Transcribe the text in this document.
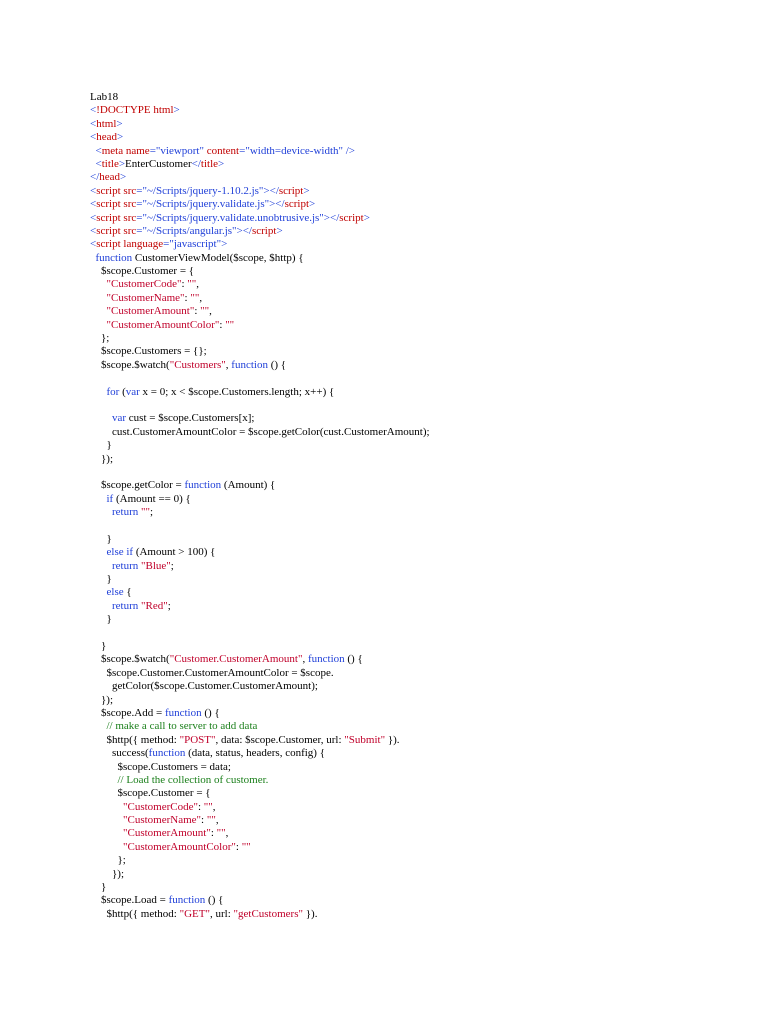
Lab18
<!DOCTYPE html>
<html>
<head>
<meta name="viewport" content="width=device-width" />
<title>EnterCustomer</title>
</head>
<script src="~/Scripts/jquery-1.10.2.js"></script>
<script src="~/Scripts/jquery.validate.js"></script>
<script src="~/Scripts/jquery.validate.unobtrusive.js"></script>
<script src="~/Scripts/angular.js"></script>
<script language="javascript">
function CustomerViewModel($scope, $http) {
$scope.Customer = {
"CustomerCode": "",
"CustomerName": "",
"CustomerAmount": "",
"CustomerAmountColor": ""
};
$scope.Customers = {};
$scope.$watch("Customers", function () {
for (var x = 0; x < $scope.Customers.length; x++) {
var cust = $scope.Customers[x];
cust.CustomerAmountColor = $scope.getColor(cust.CustomerAmount);
}
});
$scope.getColor = function (Amount) {
if (Amount == 0) {
return "";
}
else if (Amount > 100) {
return "Blue";
}
else {
return "Red";
}
}
$scope.$watch("Customer.CustomerAmount", function () {
$scope.Customer.CustomerAmountColor = $scope.
getColor($scope.Customer.CustomerAmount);
});
$scope.Add = function () {
// make a call to server to add data
$http({ method: "POST", data: $scope.Customer, url: "Submit" }).
success(function (data, status, headers, config) {
$scope.Customers = data;
// Load the collection of customer.
$scope.Customer = {
"CustomerCode": "",
"CustomerName": "",
"CustomerAmount": "",
"CustomerAmountColor": ""
};
});
}
$scope.Load = function () {
$http({ method: "GET", url: "getCustomers" }).
